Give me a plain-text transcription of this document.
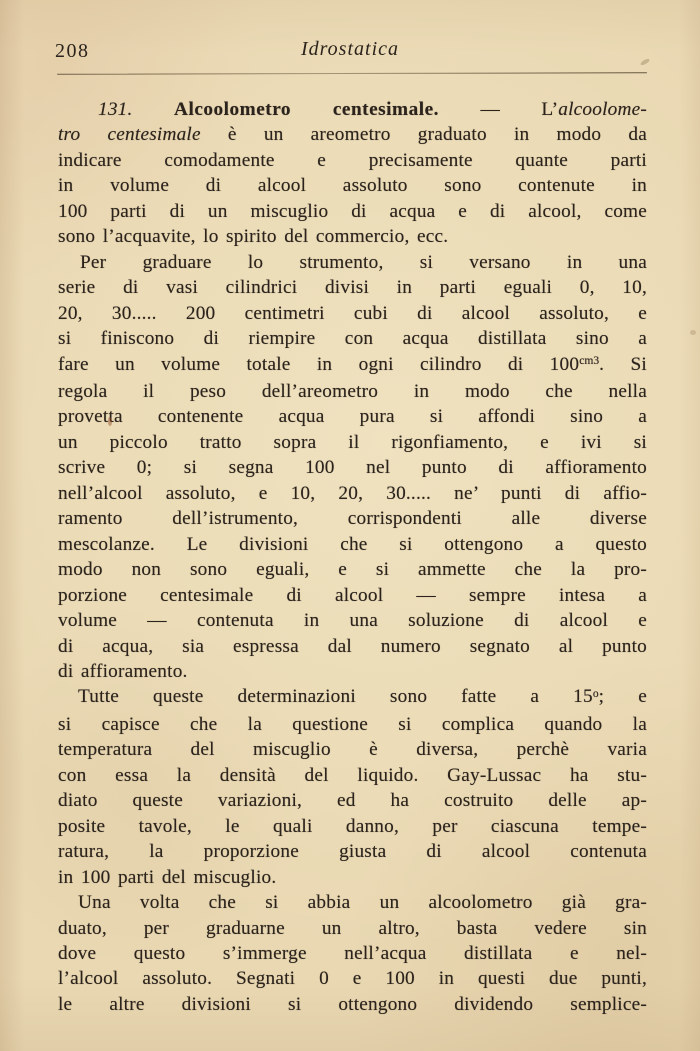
208	Idrostatica
131. Alcoolometro centesimale. — L’alcoolome-
tro centesimale è un areometro graduato in modo da
indicare comodamente e precisamente quante parti
in volume di alcool assoluto sono contenute in
100 parti di un miscuglio di acqua e di alcool, come
sono l’acquavite, lo spirito del commercio, ecc.
Per graduare lo strumento, si versano in una
serie di vasi cilindrici divisi in parti eguali 0, 10,
20, 30..... 200 centimetri cubi di alcool assoluto, e
si finiscono di riempire con acqua distillata sino a
fare un volume totale in ogni cilindro di $100^{cm3}$. Si
regola il peso dell’areometro in modo che nella
provetta contenente acqua pura si affondi sino a
un piccolo tratto sopra il rigonfiamento, e ivi si
scrive 0; si segna 100 nel punto di affioramento
nell’alcool assoluto, e 10, 20, 30..... ne’ punti di affio-
ramento dell’istrumento, corrispondenti alle diverse
mescolanze. Le divisioni che si ottengono a questo
modo non sono eguali, e si ammette che la pro-
porzione centesimale di alcool — sempre intesa a
volume — contenuta in una soluzione di alcool e
di acqua, sia espressa dal numero segnato al punto
di affioramento.
Tutte queste determinazioni sono fatte a 15$^o$; e
si capisce che la questione si complica quando la
temperatura del miscuglio è diversa, perchè varia
con essa la densità del liquido. Gay-Lussac ha stu-
diato queste variazioni, ed ha costruito delle ap-
posite tavole, le quali danno, per ciascuna tempe-
ratura, la proporzione giusta di alcool contenuta
in 100 parti del miscuglio.
Una volta che si abbia un alcoolometro già gra-
duato, per graduarne un altro, basta vedere sin
dove questo s’immerge nell’acqua distillata e nel-
l’alcool assoluto. Segnati 0 e 100 in questi due punti,
le altre divisioni si ottengono dividendo semplice-
